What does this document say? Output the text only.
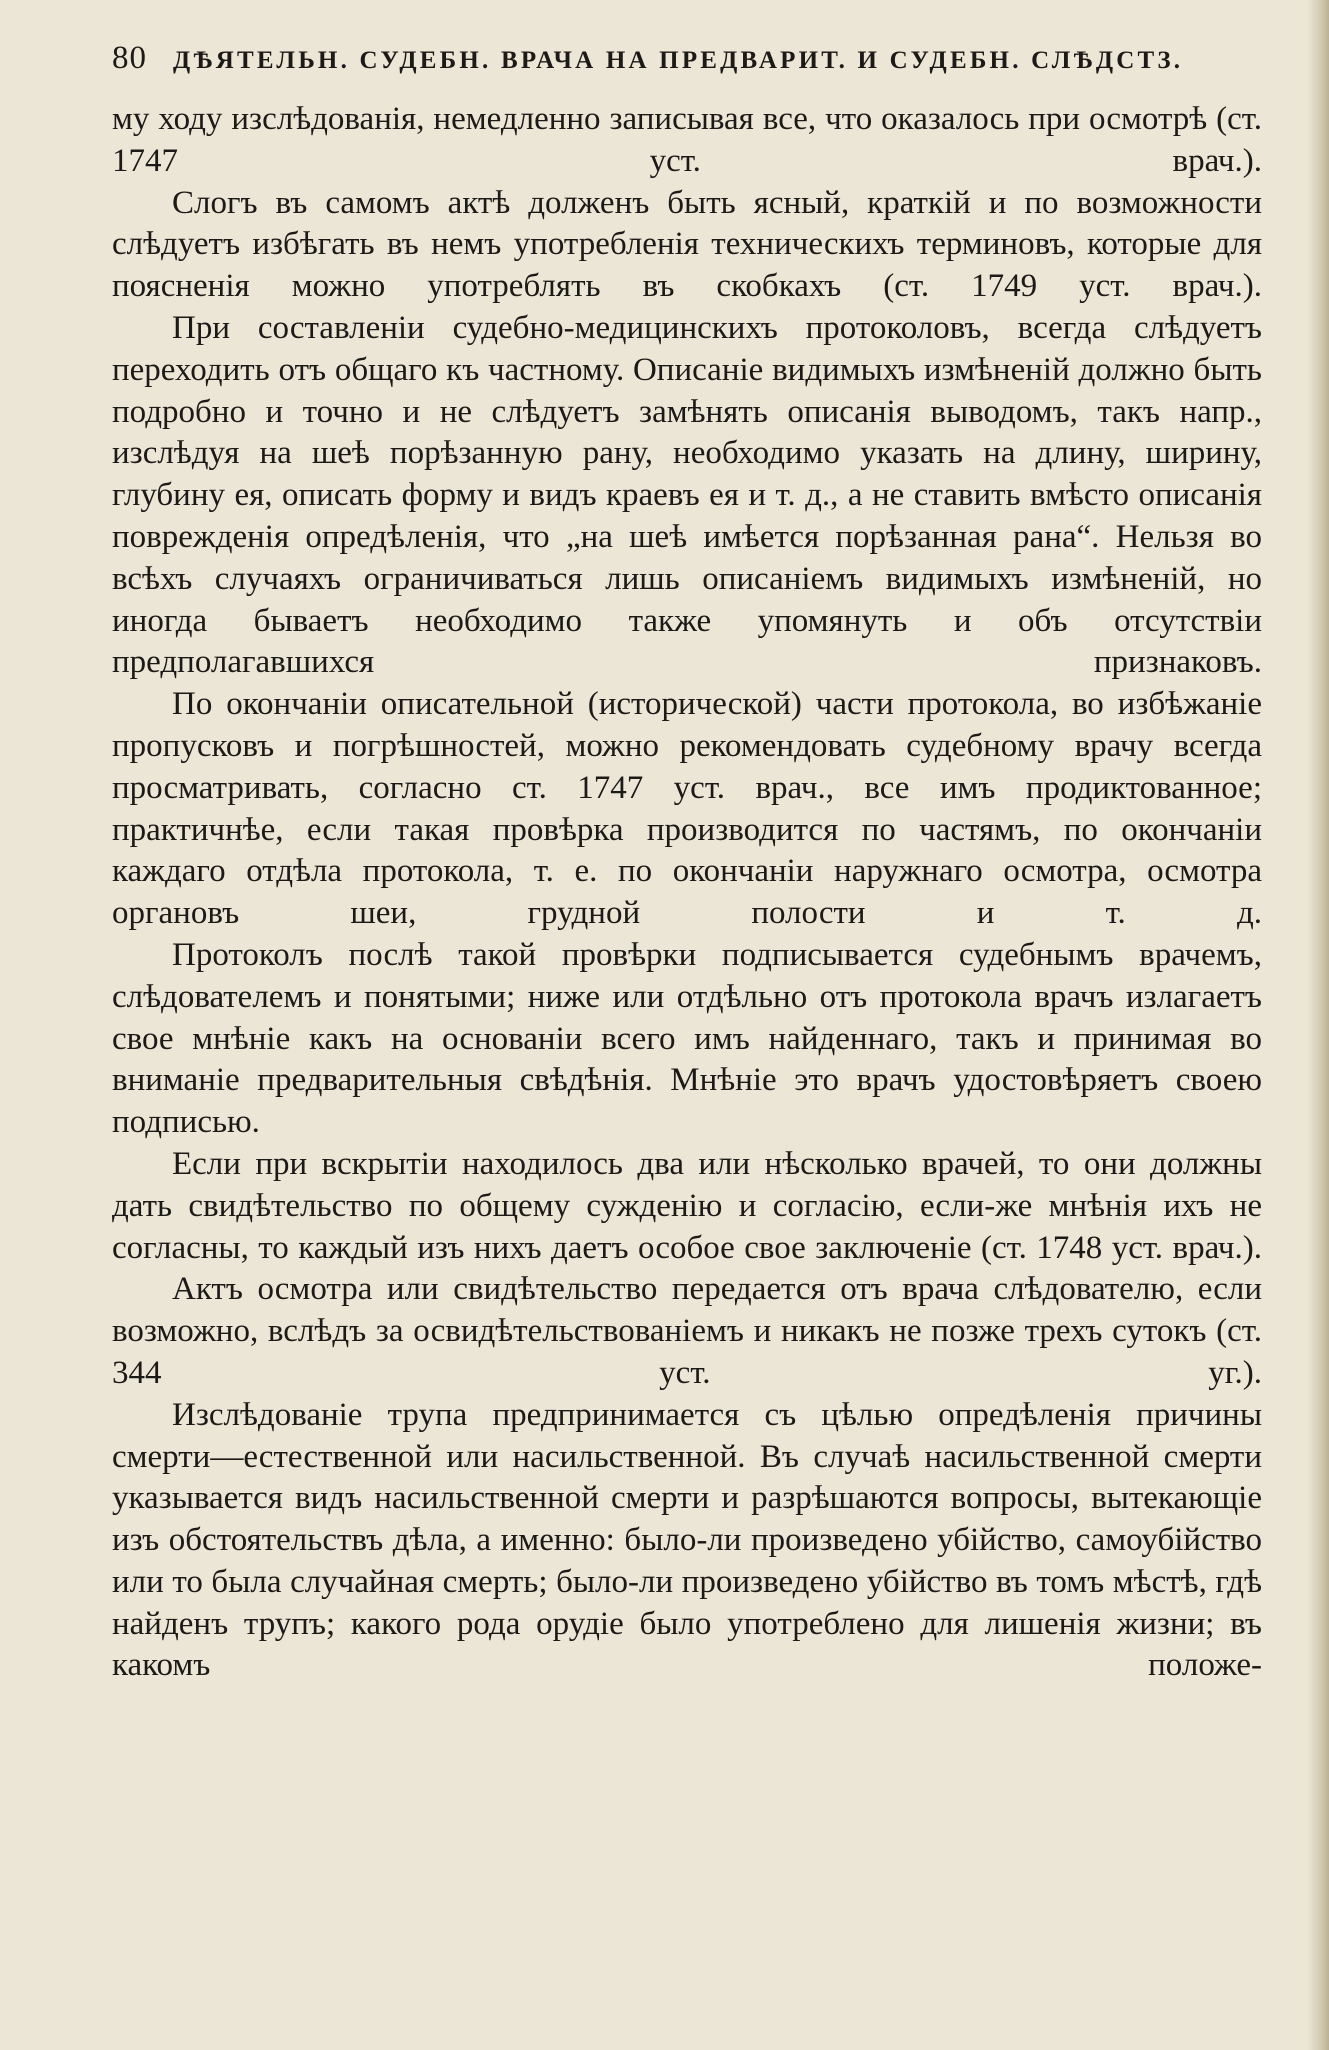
80 ДѢЯТЕЛЬН. СУДЕБН. ВРАЧА НА ПРЕДВАРИТ. И СУДЕБН. СЛѢДСТЗ.

му ходу изслѣдованія, немедленно записывая все, что оказалось при осмотрѣ (ст. 1747 уст. врач.).

Слогъ въ самомъ актѣ долженъ быть ясный, краткій и по возможности слѣдуетъ избѣгать въ немъ употребленія техническихъ терминовъ, которые для поясненія можно употреблять въ скобкахъ (ст. 1749 уст. врач.).

При составленіи судебно-медицинскихъ протоколовъ, всегда слѣдуетъ переходить отъ общаго къ частному. Описаніе видимыхъ измѣненій должно быть подробно и точно и не слѣдуетъ замѣнять описанія выводомъ, такъ напр., изслѣдуя на шеѣ порѣзанную рану, необходимо указать на длину, ширину, глубину ея, описать форму и видъ краевъ ея и т. д., а не ставить вмѣсто описанія поврежденія опредѣленія, что „на шеѣ имѣется порѣзанная рана“. Нельзя во всѣхъ случаяхъ ограничиваться лишь описаніемъ видимыхъ измѣненій, но иногда бываетъ необходимо также упомянуть и объ отсутствіи предполагавшихся признаковъ.

По окончаніи описательной (исторической) части протокола, во избѣжаніе пропусковъ и погрѣшностей, можно рекомендовать судебному врачу всегда просматривать, согласно ст. 1747 уст. врач., все имъ продиктованное; практичнѣе, если такая провѣрка производится по частямъ, по окончаніи каждаго отдѣла протокола, т. е. по окончаніи наружнаго осмотра, осмотра органовъ шеи, грудной полости и т. д.

Протоколъ послѣ такой провѣрки подписывается судебнымъ врачемъ, слѣдователемъ и понятыми; ниже или отдѣльно отъ протокола врачъ излагаетъ свое мнѣніе какъ на основаніи всего имъ найденнаго, такъ и принимая во вниманіе предварительныя свѣдѣнія. Мнѣніе это врачъ удостовѣряетъ своею подписью.

Если при вскрытіи находилось два или нѣсколько врачей, то они должны дать свидѣтельство по общему сужденію и согласію, если-же мнѣнія ихъ не согласны, то каждый изъ нихъ даетъ особое свое заключеніе (ст. 1748 уст. врач.).

Актъ осмотра или свидѣтельство передается отъ врача слѣдователю, если возможно, вслѣдъ за освидѣтельствованіемъ и никакъ не позже трехъ сутокъ (ст. 344 уст. уг.).

Изслѣдованіе трупа предпринимается съ цѣлью опредѣленія причины смерти—естественной или насильственной. Въ случаѣ насильственной смерти указывается видъ насильственной смерти и разрѣшаются вопросы, вытекающіе изъ обстоятельствъ дѣла, а именно: было-ли произведено убійство, самоубійство или то была случайная смерть; было-ли произведено убійство въ томъ мѣстѣ, гдѣ найденъ трупъ; какого рода орудіе было употреблено для лишенія жизни; въ какомъ положе-
